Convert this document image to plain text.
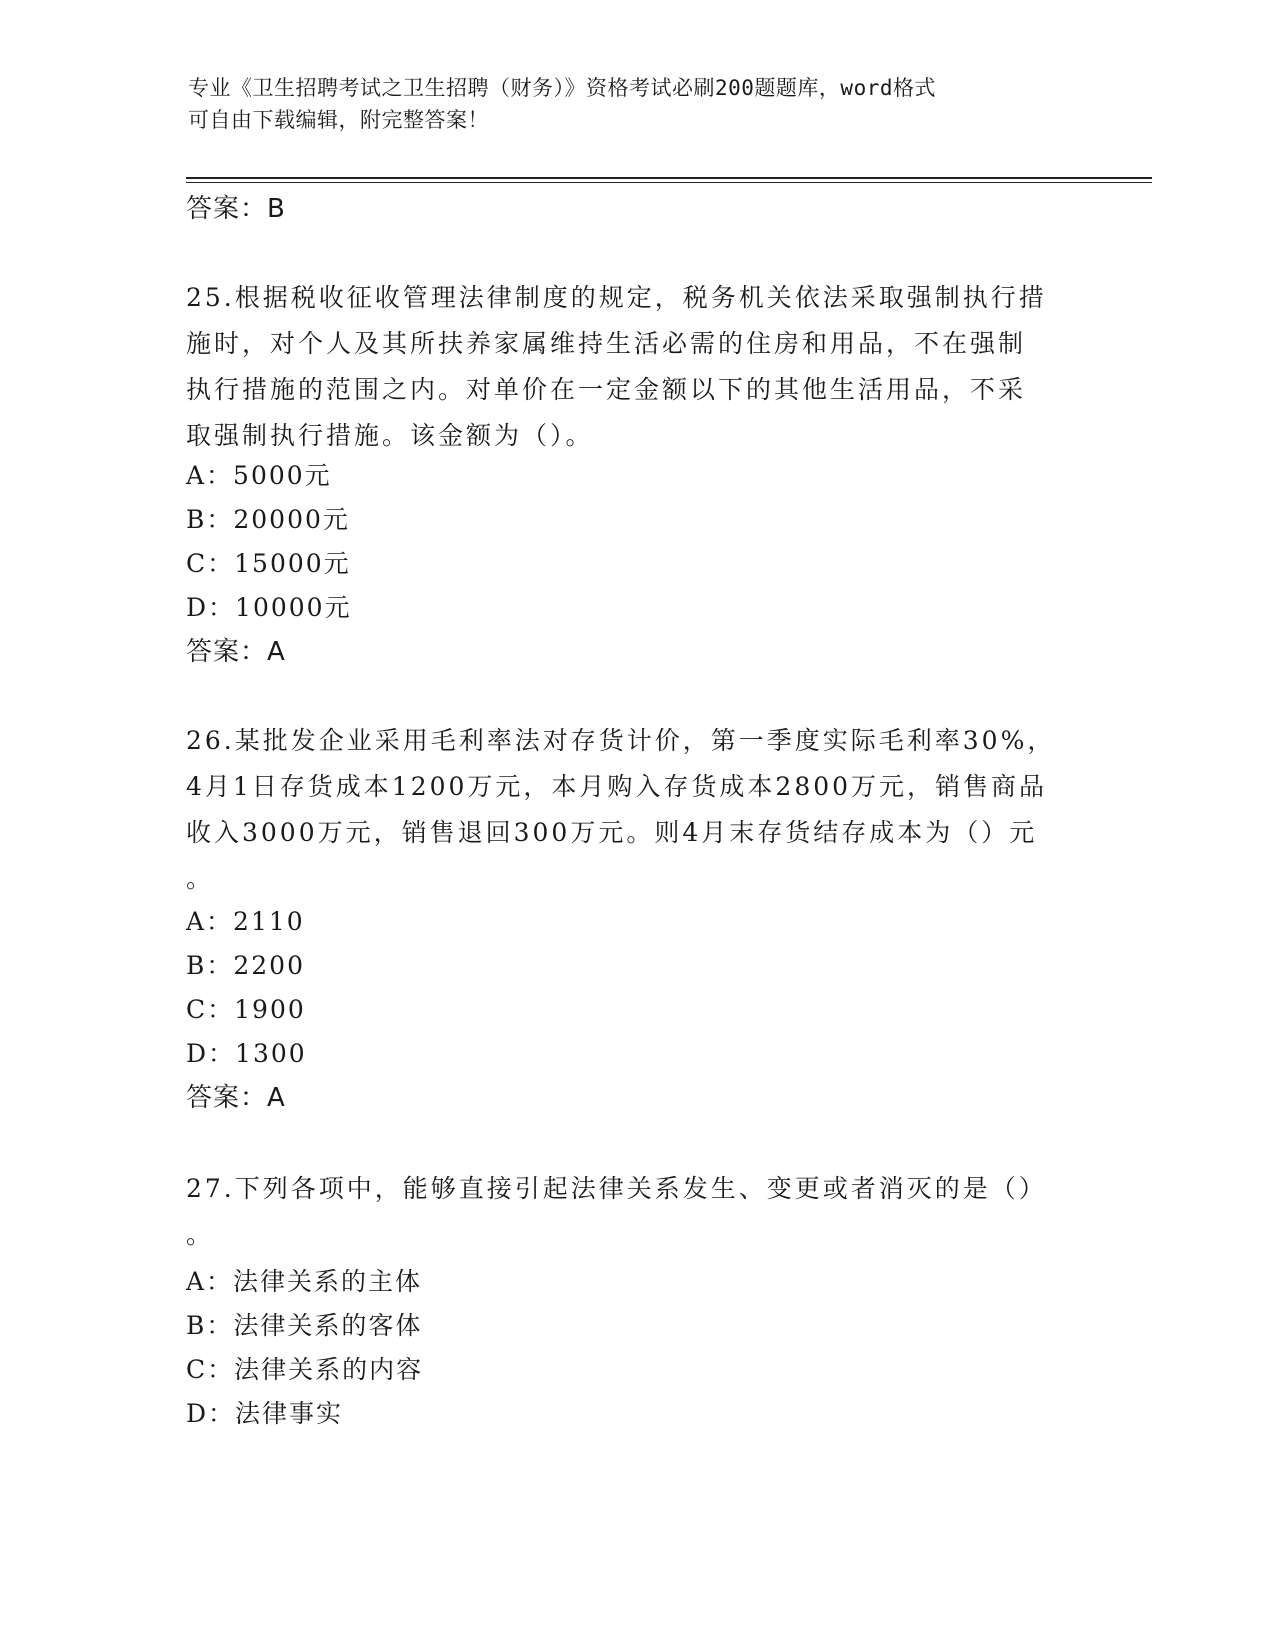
专业《卫生招聘考试之卫生招聘（财务）》资格考试必刷200题题库，word格式
可自由下载编辑，附完整答案！
答案：B
25.根据税收征收管理法律制度的规定，税务机关依法采取强制执行措
施时，对个人及其所扶养家属维持生活必需的住房和用品，不在强制
执行措施的范围之内。对单价在一定金额以下的其他生活用品，不采
取强制执行措施。该金额为（）。
A：5000元
B：20000元
C：15000元
D：10000元
答案：A
26.某批发企业采用毛利率法对存货计价，第一季度实际毛利率30%，
4月1日存货成本1200万元，本月购入存货成本2800万元，销售商品
收入3000万元，销售退回300万元。则4月末存货结存成本为（）元
。
A：2110
B：2200
C：1900
D：1300
答案：A
27.下列各项中，能够直接引起法律关系发生、变更或者消灭的是（）
。
A：法律关系的主体
B：法律关系的客体
C：法律关系的内容
D：法律事实
